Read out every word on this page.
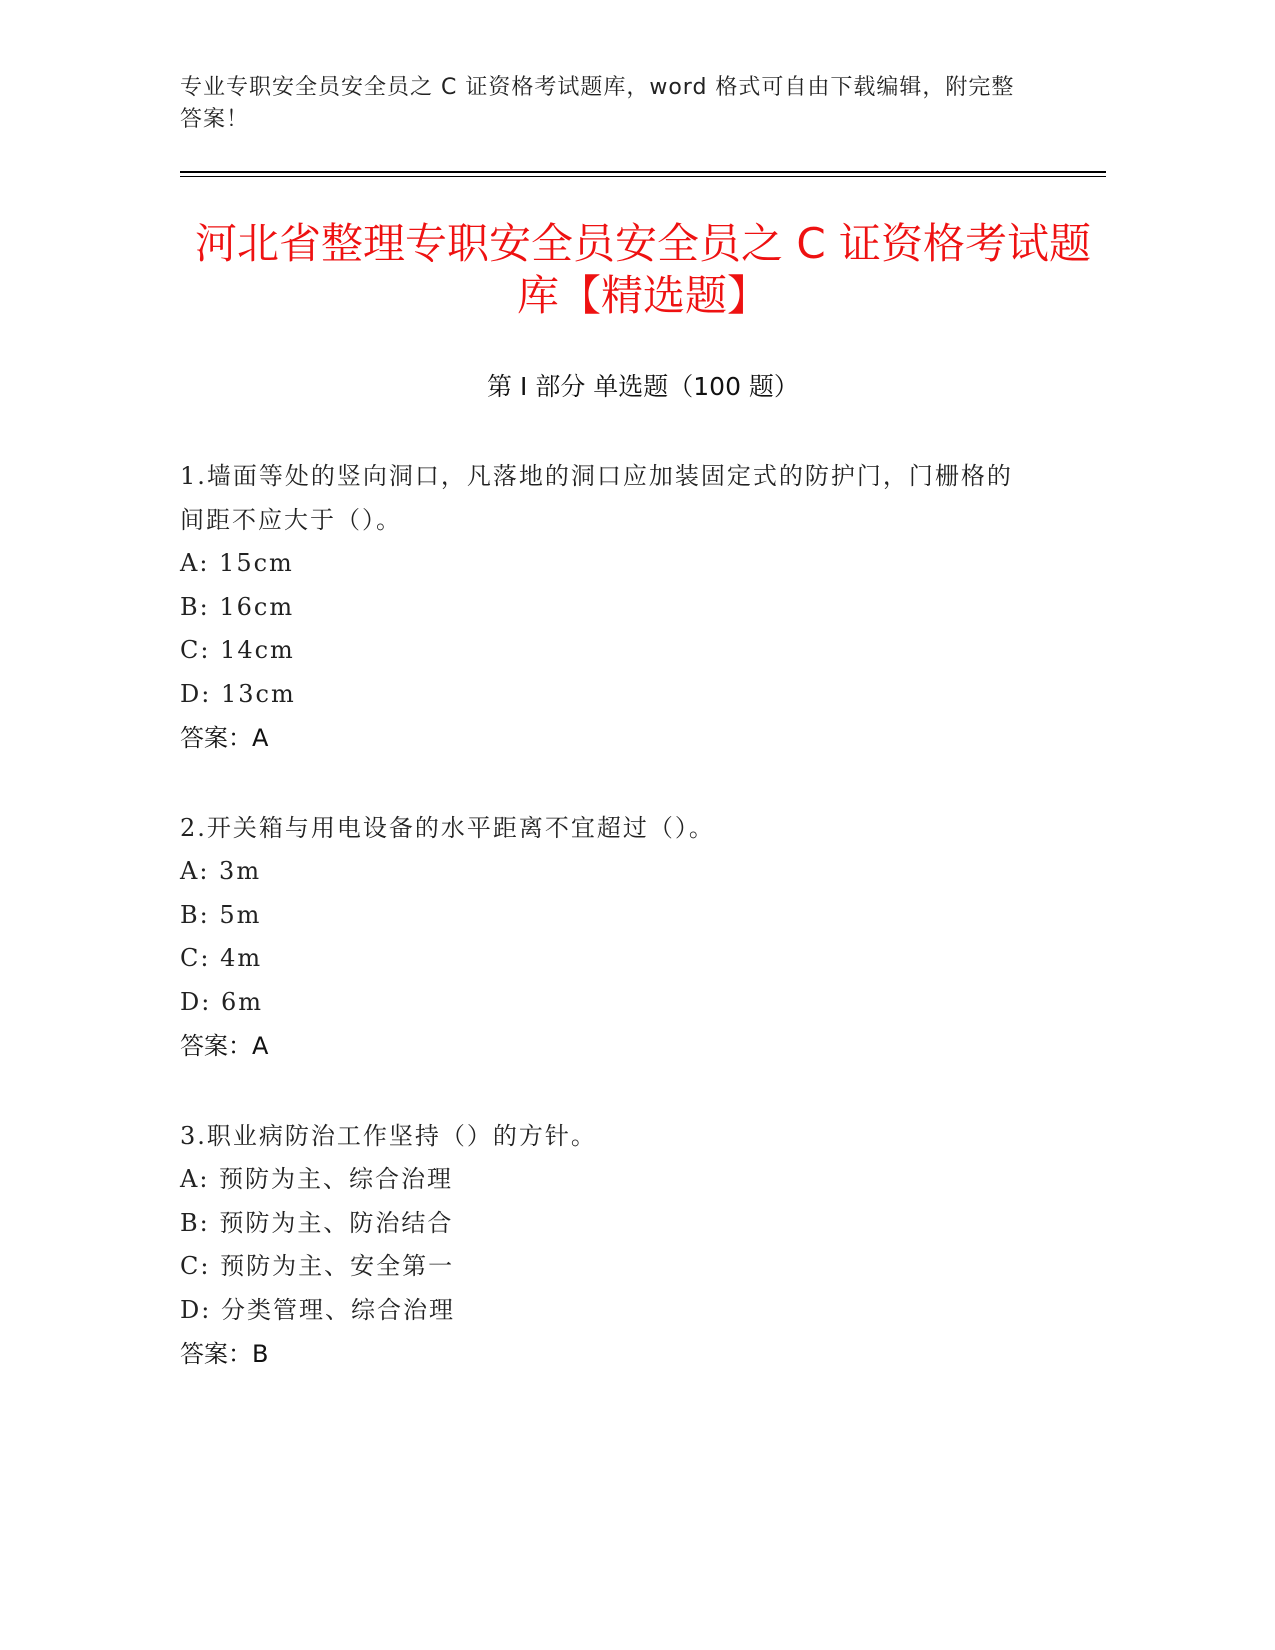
专业专职安全员安全员之 C 证资格考试题库，word 格式可自由下载编辑，附完整答案！
河北省整理专职安全员安全员之 C 证资格考试题库【精选题】
第 I 部分 单选题（100 题）
1.墙面等处的竖向洞口，凡落地的洞口应加装固定式的防护门，门栅格的间距不应大于（）。
A: 15cm
B: 16cm
C: 14cm
D: 13cm
答案：A
2.开关箱与用电设备的水平距离不宜超过（）。
A: 3m
B: 5m
C: 4m
D: 6m
答案：A
3.职业病防治工作坚持（）的方针。
A: 预防为主、综合治理
B: 预防为主、防治结合
C: 预防为主、安全第一
D: 分类管理、综合治理
答案：B
